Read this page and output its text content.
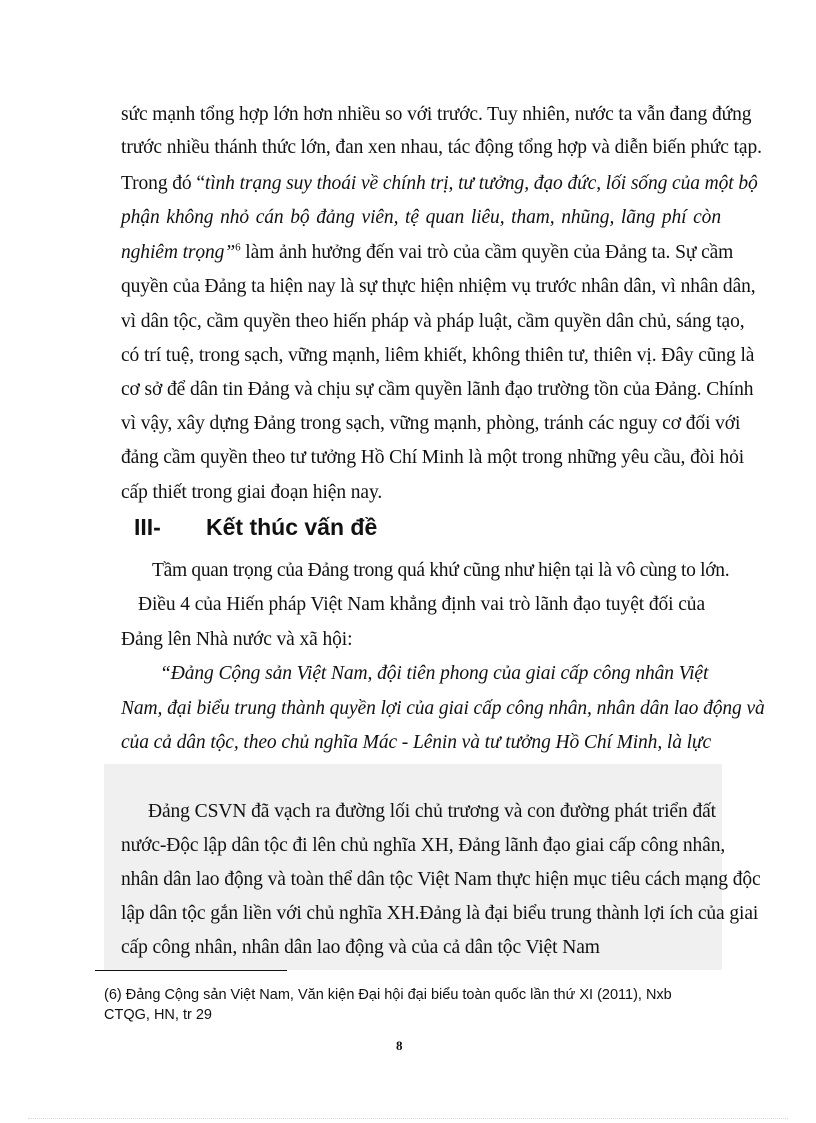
sức mạnh tổng hợp lớn hơn nhiều so với trước. Tuy nhiên, nước ta vẫn đang đứng
trước nhiều thánh thức lớn, đan xen nhau, tác động tổng hợp và diễn biến phức tạp.
Trong đó “tình trạng suy thoái về chính trị, tư tưởng, đạo đức, lối sống của một bộ
phận không nhỏ cán bộ đảng viên, tệ quan liêu, tham, nhũng, lãng phí còn
nghiêm trọng”$^6$ làm ảnh hưởng đến vai trò của cầm quyền của Đảng ta. Sự cầm
quyền của Đảng ta hiện nay là sự thực hiện nhiệm vụ trước nhân dân, vì nhân dân,
vì dân tộc, cầm quyền theo hiến pháp và pháp luật, cầm quyền dân chủ, sáng tạo,
có trí tuệ, trong sạch, vững mạnh, liêm khiết, không thiên tư, thiên vị. Đây cũng là
cơ sở để dân tin Đảng và chịu sự cầm quyền lãnh đạo trường tồn của Đảng. Chính
vì vậy, xây dựng Đảng trong sạch, vững mạnh, phòng, tránh các nguy cơ đối với
đảng cầm quyền theo tư tưởng Hồ Chí Minh là một trong những yêu cầu, đòi hỏi
cấp thiết trong giai đoạn hiện nay.
III- Kết thúc vấn đề
Tầm quan trọng của Đảng trong quá khứ cũng như hiện tại là vô cùng to lớn.
Điều 4 của Hiến pháp Việt Nam khẳng định vai trò lãnh đạo tuyệt đối của
Đảng lên Nhà nước và xã hội:
“Đảng Cộng sản Việt Nam, đội tiên phong của giai cấp công nhân Việt
Nam, đại biểu trung thành quyền lợi của giai cấp công nhân, nhân dân lao động và
của cả dân tộc, theo chủ nghĩa Mác - Lênin và tư tưởng Hồ Chí Minh, là lực
Đảng CSVN đã vạch ra đường lối chủ trương và con đường phát triển đất
nước-Độc lập dân tộc đi lên chủ nghĩa XH, Đảng lãnh đạo giai cấp công nhân,
nhân dân lao động và toàn thể dân tộc Việt Nam thực hiện mục tiêu cách mạng độc
lập dân tộc gắn liền với chủ nghĩa XH.Đảng là đại biểu trung thành lợi ích của giai
cấp công nhân, nhân dân lao động và của cả dân tộc Việt Nam
(6) Đảng Cộng sản Việt Nam, Văn kiện Đại hội đại biểu toàn quốc lần thứ XI (2011), Nxb
CTQG, HN, tr 29
8
